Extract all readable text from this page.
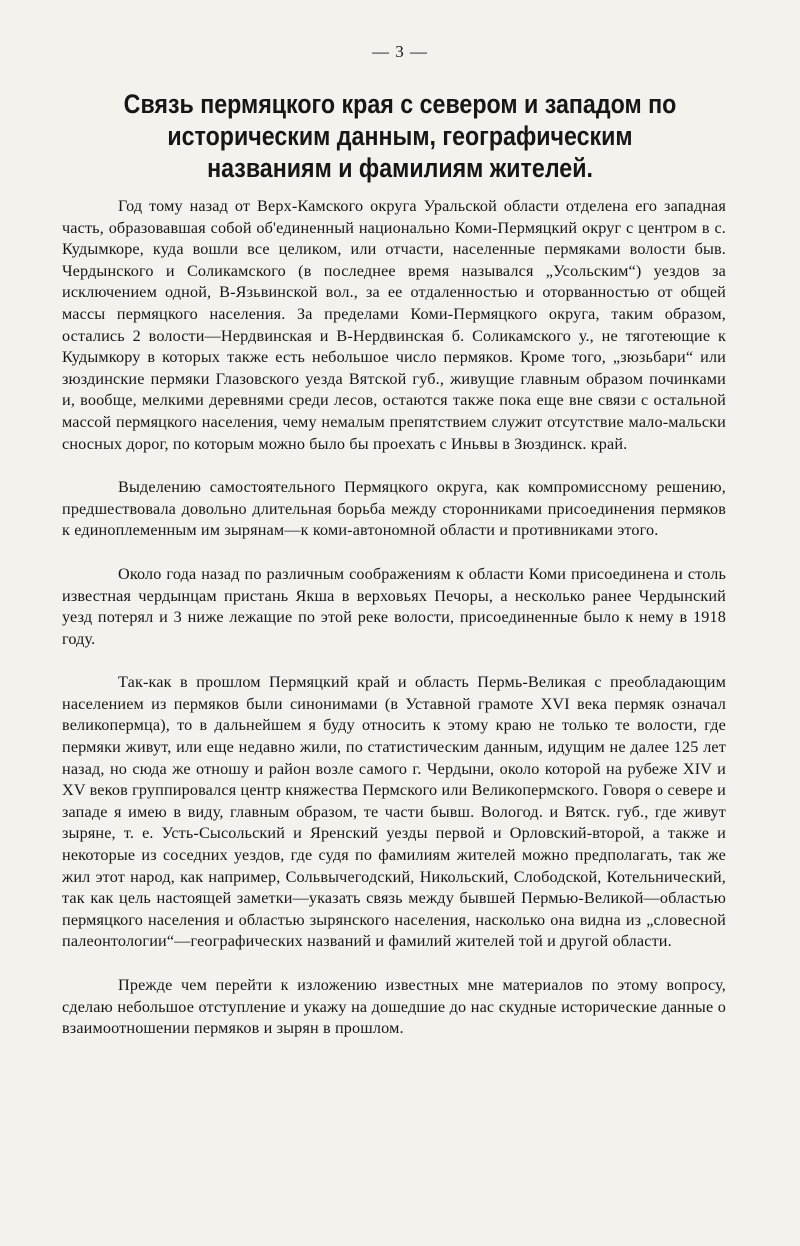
— 3 —
Связь пермяцкого края с севером и западом по историческим данным, географическим названиям и фамилиям жителей.

Год тому назад от Верх-Камского округа Уральской области отделена его западная часть, образовавшая собой об'единенный национально Коми-Пермяцкий округ с центром в с. Кудымкоре, куда вошли все целиком, или отчасти, населенные пермяками волости быв. Чердынского и Соликамского (в последнее время назывался „Усольским“) уездов за исключением одной, В-Язьвинской вол., за ее отдаленностью и оторванностью от общей массы пермяцкого населения. За пределами Коми-Пермяцкого округа, таким образом, остались 2 волости—Нердвинская и В-Нердвинская б. Соликамского у., не тяготеющие к Кудымкору в которых также есть небольшое число пермяков. Кроме того, „зюзьбари“ или зюздинские пермяки Глазовского уезда Вятской губ., живущие главным образом починками и, вообще, мелкими деревнями среди лесов, остаются также пока еще вне связи с остальной массой пермяцкого населения, чему немалым препятствием служит отсутствие мало-мальски сносных дорог, по которым можно было бы проехать с Иньвы в Зюздинск. край.

Выделению самостоятельного Пермяцкого округа, как компромиссному решению, предшествовала довольно длительная борьба между сторонниками присоединения пермяков к единоплеменным им зырянам—к коми-автономной области и противниками этого.

Около года назад по различным соображениям к области Коми присоединена и столь известная чердынцам пристань Якша в верховьях Печоры, а несколько ранее Чердынский уезд потерял и 3 ниже лежащие по этой реке волости, присоединенные было к нему в 1918 году.

Так-как в прошлом Пермяцкий край и область Пермь-Великая с преобладающим населением из пермяков были синонимами (в Уставной грамоте XVI века пермяк означал великопермца), то в дальнейшем я буду относить к этому краю не только те волости, где пермяки живут, или еще недавно жили, по статистическим данным, идущим не далее 125 лет назад, но сюда же отношу и район возле самого г. Чердыни, около которой на рубеже XIV и XV веков группировался центр княжества Пермского или Великопермского. Говоря о севере и западе я имею в виду, главным образом, те части бывш. Вологод. и Вятск. губ., где живут зыряне, т. е. Усть-Сысольский и Яренский уезды первой и Орловский-второй, а также и некоторые из соседних уездов, где судя по фамилиям жителей можно предполагать, так же жил этот народ, как например, Сольвычегодский, Никольский, Слободской, Котельнический, так как цель настоящей заметки—указать связь между бывшей Пермью-Великой—областью пермяцкого населения и областью зырянского населения, насколько она видна из „словесной палеонтологии“—географических названий и фамилий жителей той и другой области.

Прежде чем перейти к изложению известных мне материалов по этому вопросу, сделаю небольшое отступление и укажу на дошедшие до нас скудные исторические данные о взаимоотношении пермяков и зырян в прошлом.
